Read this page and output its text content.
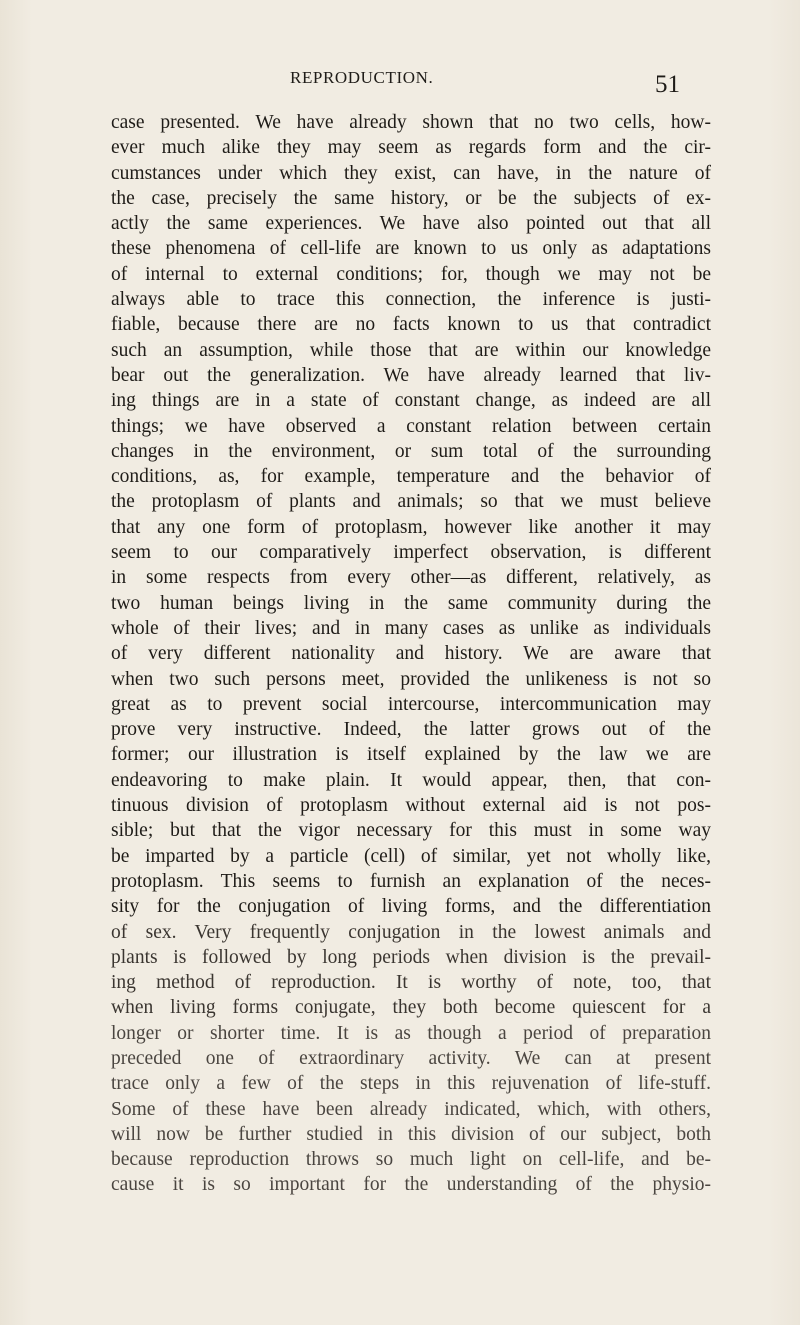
REPRODUCTION.	51
case presented. We have already shown that no two cells, how-
ever much alike they may seem as regards form and the cir-
cumstances under which they exist, can have, in the nature of
the case, precisely the same history, or be the subjects of ex-
actly the same experiences. We have also pointed out that all
these phenomena of cell-life are known to us only as adaptations
of internal to external conditions; for, though we may not be
always able to trace this connection, the inference is justi-
fiable, because there are no facts known to us that contradict
such an assumption, while those that are within our knowledge
bear out the generalization. We have already learned that liv-
ing things are in a state of constant change, as indeed are all
things; we have observed a constant relation between certain
changes in the environment, or sum total of the surrounding
conditions, as, for example, temperature and the behavior of
the protoplasm of plants and animals; so that we must believe
that any one form of protoplasm, however like another it may
seem to our comparatively imperfect observation, is different
in some respects from every other—as different, relatively, as
two human beings living in the same community during the
whole of their lives; and in many cases as unlike as individuals
of very different nationality and history. We are aware that
when two such persons meet, provided the unlikeness is not so
great as to prevent social intercourse, intercommunication may
prove very instructive. Indeed, the latter grows out of the
former; our illustration is itself explained by the law we are
endeavoring to make plain. It would appear, then, that con-
tinuous division of protoplasm without external aid is not pos-
sible; but that the vigor necessary for this must in some way
be imparted by a particle (cell) of similar, yet not wholly like,
protoplasm. This seems to furnish an explanation of the neces-
sity for the conjugation of living forms, and the differentiation
of sex. Very frequently conjugation in the lowest animals and
plants is followed by long periods when division is the prevail-
ing method of reproduction. It is worthy of note, too, that
when living forms conjugate, they both become quiescent for a
longer or shorter time. It is as though a period of preparation
preceded one of extraordinary activity. We can at present
trace only a few of the steps in this rejuvenation of life-stuff.
Some of these have been already indicated, which, with others,
will now be further studied in this division of our subject, both
because reproduction throws so much light on cell-life, and be-
cause it is so important for the understanding of the physio-
